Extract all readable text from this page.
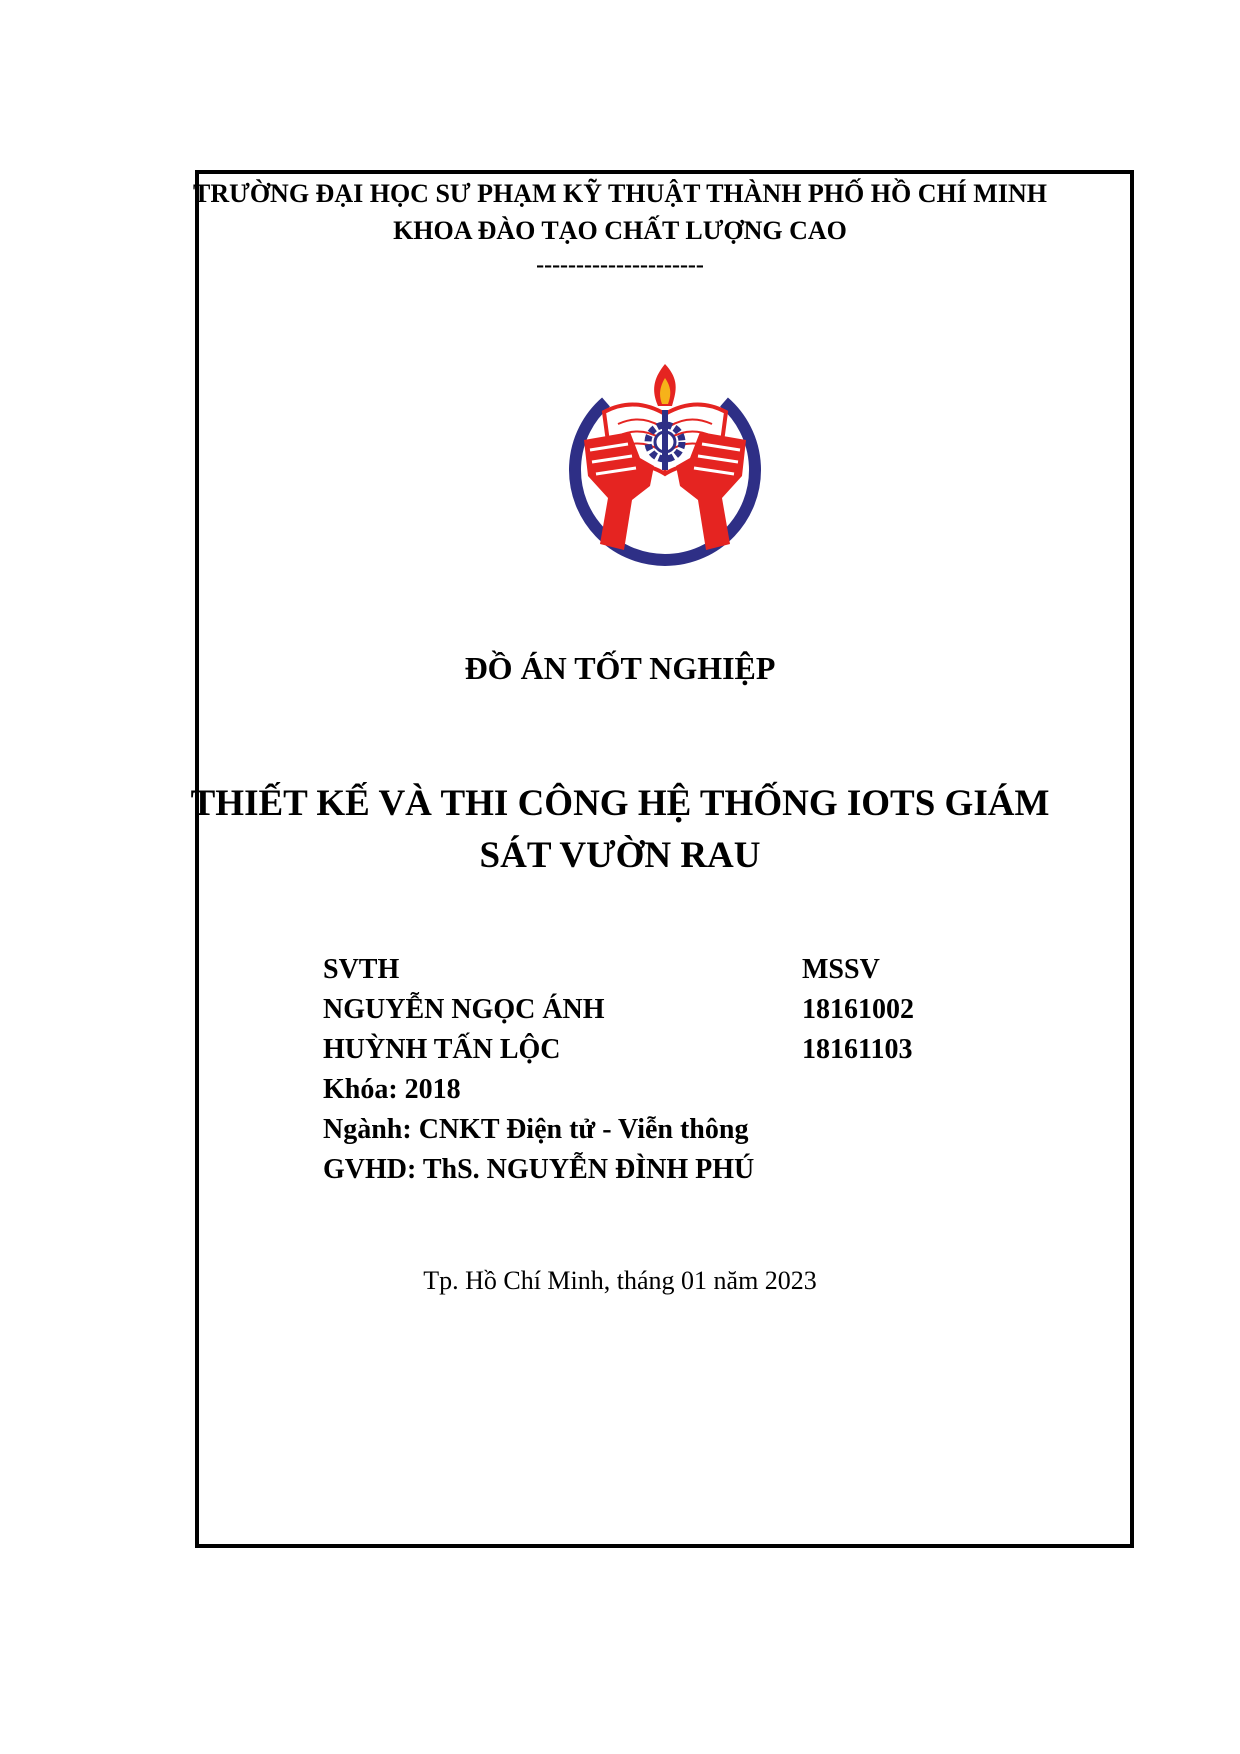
TRƯỜNG ĐẠI HỌC SƯ PHẠM KỸ THUẬT THÀNH PHỐ HỒ CHÍ MINH
KHOA ĐÀO TẠO CHẤT LƯỢNG CAO
---------------------
ĐỒ ÁN TỐT NGHIỆP
THIẾT KẾ VÀ THI CÔNG HỆ THỐNG IOTS GIÁM
SÁT VƯỜN RAU
SVTH	MSSV
NGUYỄN NGỌC ÁNH	18161002
HUỲNH TẤN LỘC	18161103
Khóa: 2018
Ngành: CNKT Điện tử - Viễn thông
GVHD: ThS. NGUYỄN ĐÌNH PHÚ
Tp. Hồ Chí Minh, tháng 01 năm 2023
